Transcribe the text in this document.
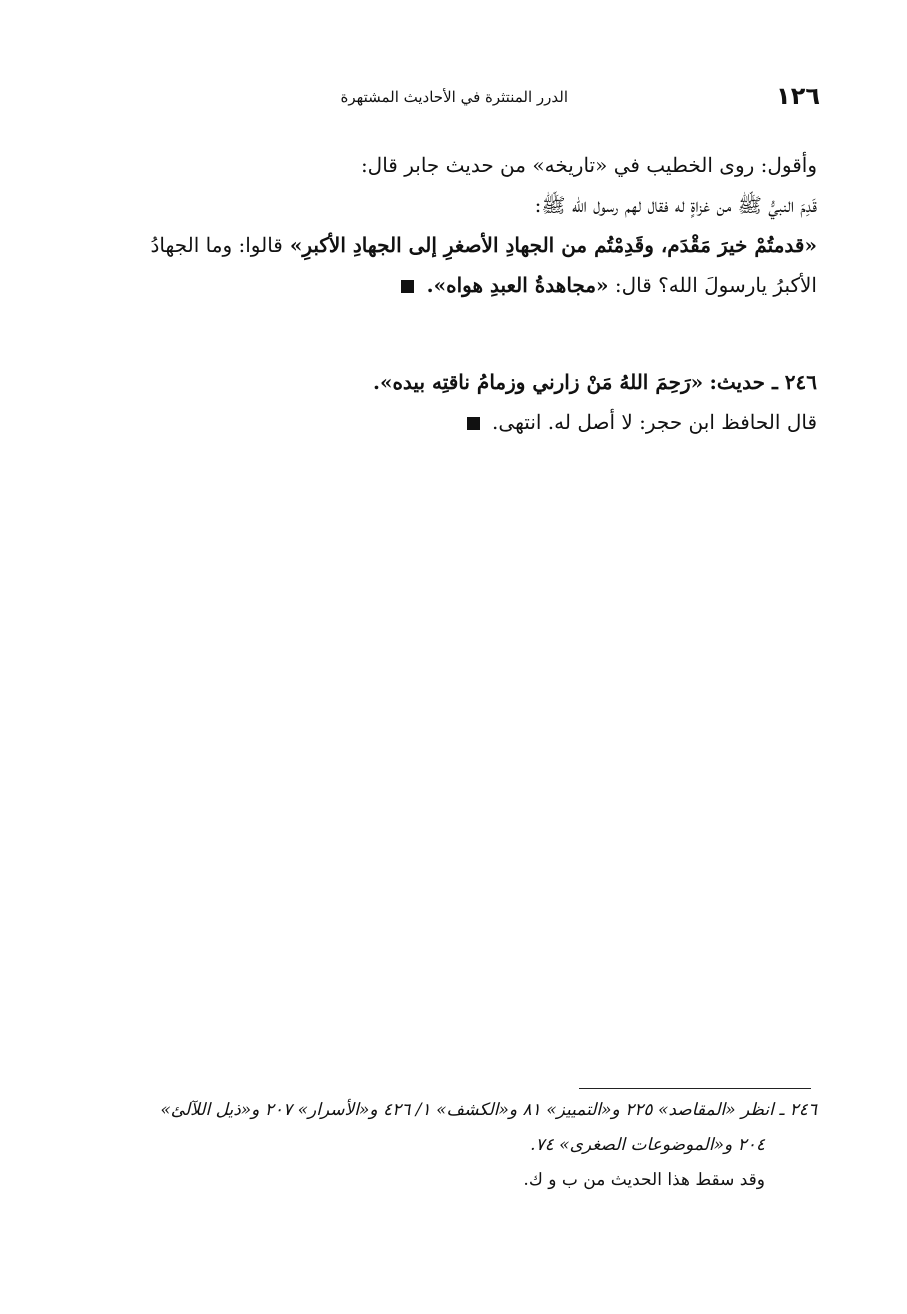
١٢٦
الدرر المنتثرة في الأحاديث المشتهرة
وأقول: روى الخطيب في «تاريخه» من حديث جابر قال:
قَدِمَ النبيُّ ﷺ من غزاةٍ له فقال لهم رسول الله ﷺ:
«قدمتُمْ خيرَ مَقْدَم، وقَدِمْتُم من الجهادِ الأصغرِ إلى الجهادِ الأكبرِ» قالوا: وما الجهادُ
الأكبرُ يارسولَ الله؟ قال: «مجاهدةُ العبدِ هواه».
٢٤٦ ـ حديث: «رَحِمَ اللهُ مَنْ زارني وزمامُ ناقتِه بيده».
قال الحافظ ابن حجر: لا أصل له. انتهى.
٢٤٦ ـ انظر «المقاصد» ٢٢٥ و«التمييز» ٨١ و«الكشف» ١/ ٤٢٦ و«الأسرار» ٢٠٧ و«ذيل اللآلئ»
٢٠٤ و«الموضوعات الصغرى» ٧٤.
وقد سقط هذا الحديث من ب و ك.
